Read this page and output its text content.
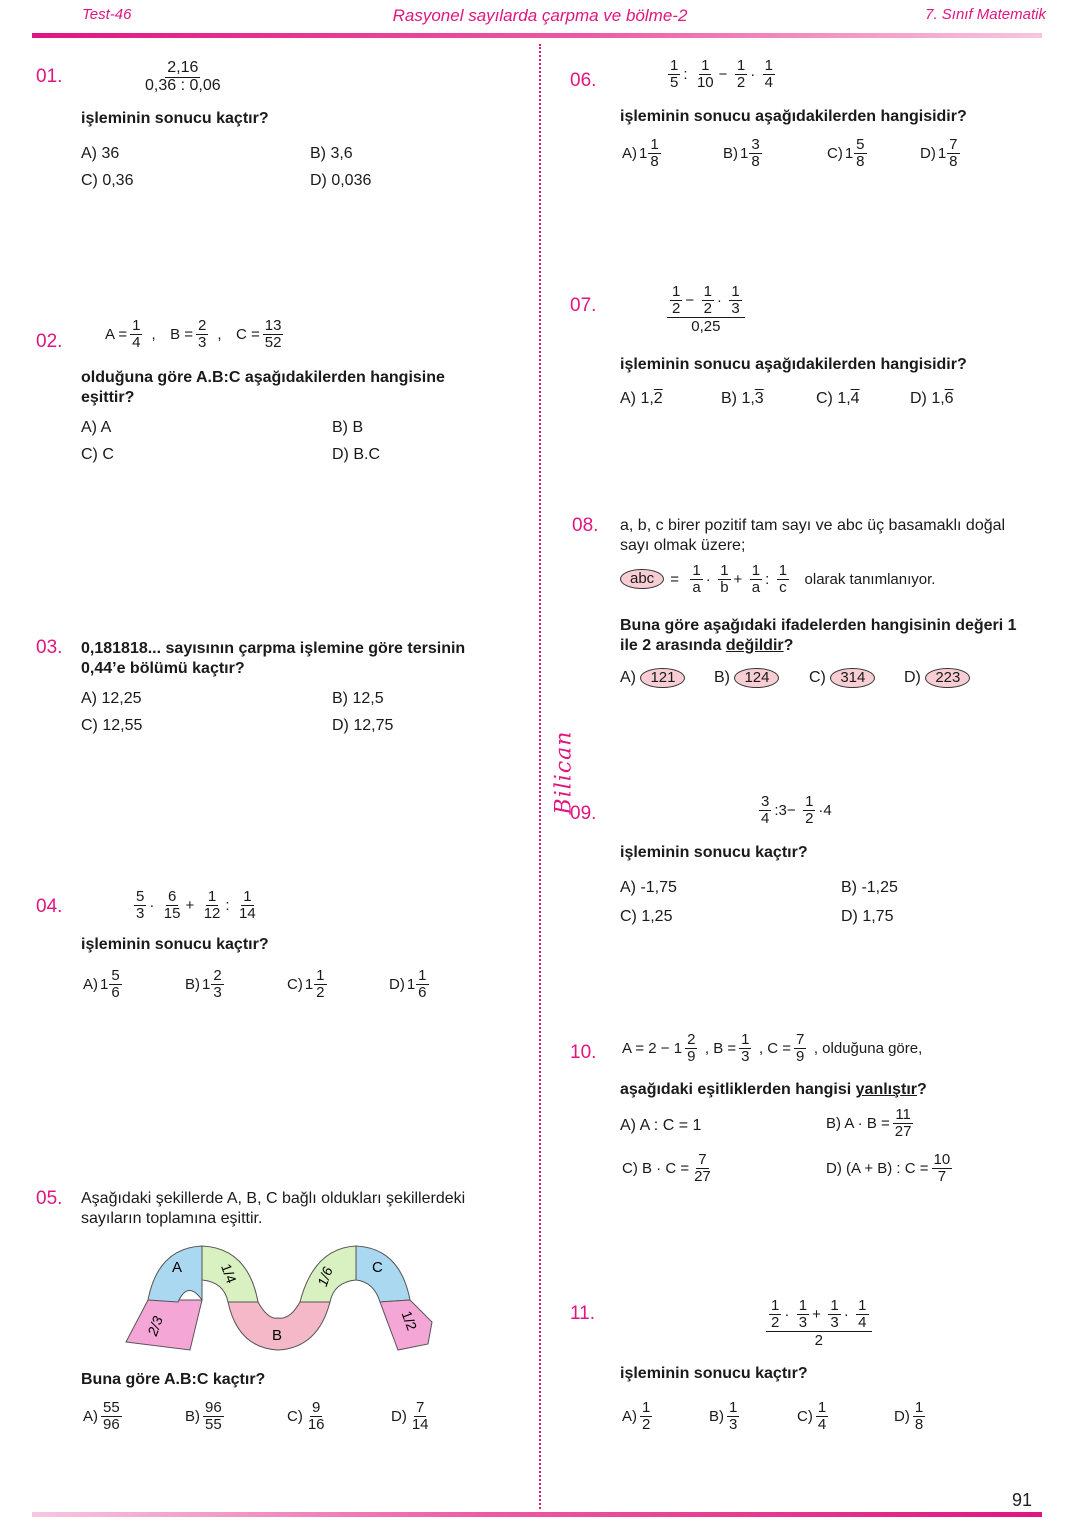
Test-46	Rasyonel sayılarda çarpma ve bölme-2	7. Sınıf Matematik
Bilican
01.	$\frac{2,16}{0,36 : 0,06}$
işleminin sonucu kaçtır?
A) 36	B) 3,6
C) 0,36	D) 0,036
02.	$A = \frac{1}{4}$ , $B = \frac{2}{3}$ , $C = \frac{13}{52}$
olduğuna göre A.B:C aşağıdakilerden hangisine eşittir?
A) A	B) B
C) C	D) B.C
03. 0,181818... sayısının çarpma işlemine göre tersinin 0,44’e bölümü kaçtır?
A) 12,25	B) 12,5
C) 12,55	D) 12,75
04.	$\frac{5}{3} \cdot \frac{6}{15} + \frac{1}{12}$ : $\frac{1}{14}$
işleminin sonucu kaçtır?
A) $1 \frac{5}{6}$	B) $1 \frac{2}{3}$	C) $1 \frac{1}{2}$	D) $1 \frac{1}{6}$
05. Aşağıdaki şekillerde A, B, C bağlı oldukları şekillerdeki sayıların toplamına eşittir.
A
B
C
2/3
1/4	1/6
1/2
Buna göre A.B:C kaçtır?
$A) \frac{55}{96}$	$B) \frac{96}{55}$	$C) \frac{9}{16}$	$D) \frac{7}{14}$
06.	$\frac{1}{5}$ : $\frac{1}{10} - \frac{1}{2} \cdot \frac{1}{4}$
işleminin sonucu aşağıdakilerden hangisidir?
A) $1 \frac{1}{8}$	B) $1 \frac{3}{8}$	C) $1 \frac{5}{8}$	D) $1 \frac{7}{8}$
07.	$\frac{\frac{1}{2} - \frac{1}{2} \cdot \frac{1}{3}}{0,25}$
işleminin sonucu aşağıdakilerden hangisidir?
A) 1,2	B) 1,3	C) 1,4	D) 1,6
08. a, b, c birer pozitif tam sayı ve abc üç basamaklı doğal sayı olmak üzere;
abc = $\frac{1}{a} \cdot \frac{1}{b} + \frac{1}{a}$ : $\frac{1}{c}$ olarak tanımlanıyor.
Buna göre aşağıdaki ifadelerden hangisinin değeri 1 ile 2 arasında değildir?
A) 121	B) 124	C) 314	D) 223
09.	$\frac{3}{4}$ :3− $\frac{1}{2} \cdot 4$
işleminin sonucu kaçtır?
A) -1,75	B) -1,25
C) 1,25	D) 1,75
10. $A = 2 - 1 \frac{2}{9}$ , $B = \frac{1}{3}$ , $C = \frac{7}{9}$ , olduğuna göre,
aşağıdaki eşitliklerden hangisi yanlıştır?
A) A : C = 1	B) $A \cdot B = \frac{11}{27}$
C) $B \cdot C = \frac{7}{27}$	D) (A + B) : $C = \frac{10}{7}$
11.	$\frac{\frac{1}{2} \cdot \frac{1}{3} + \frac{1}{3} \cdot \frac{1}{4}}{2}$
işleminin sonucu kaçtır?
$A) \frac{1}{2}$	$B) \frac{1}{3}$	$C) \frac{1}{4}$	$D) \frac{1}{8}$
91
